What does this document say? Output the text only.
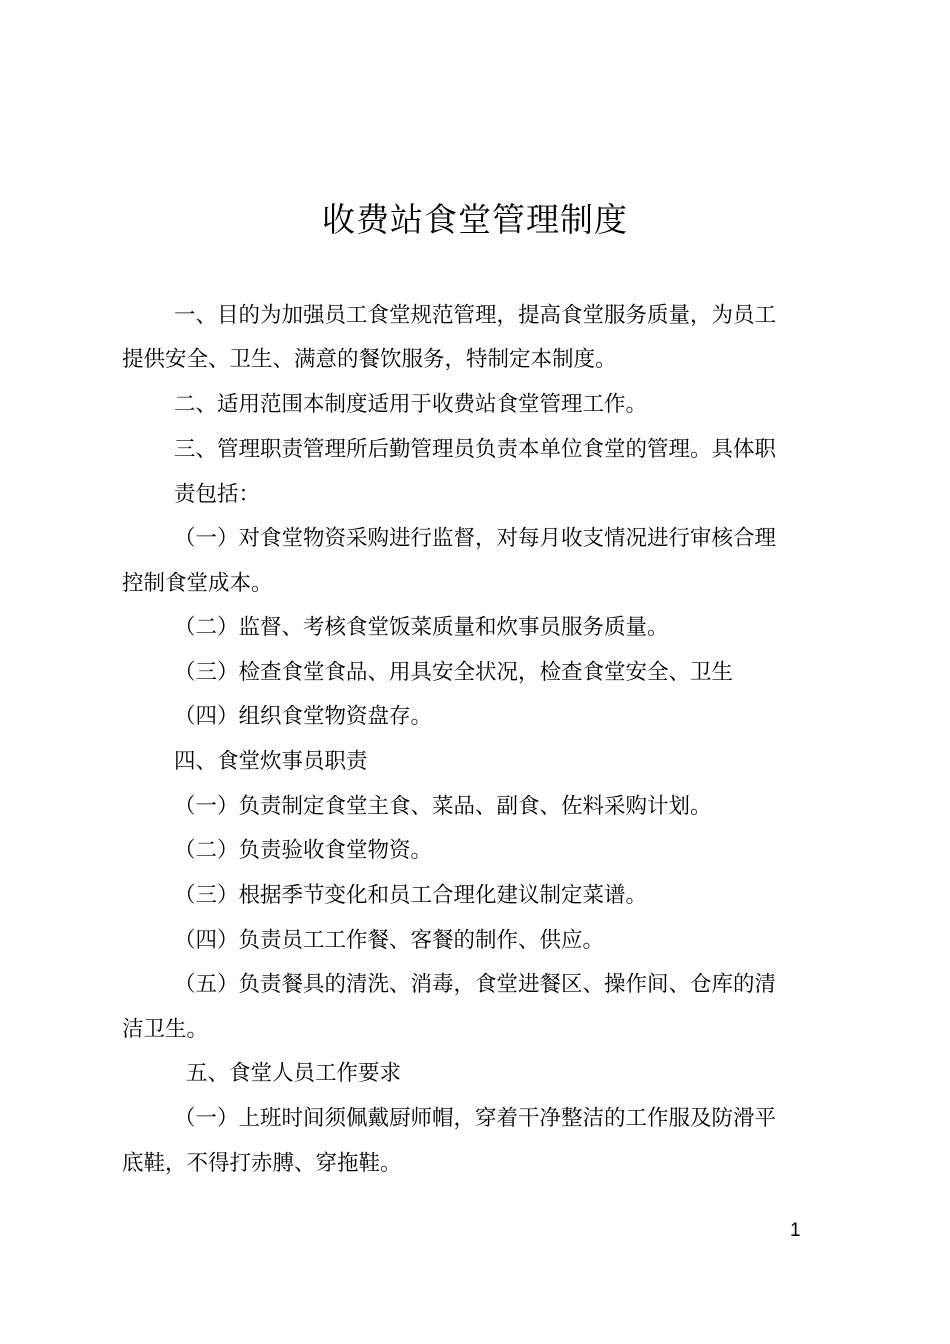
收费站食堂管理制度
一、目的为加强员工食堂规范管理，提高食堂服务质量，为员工
提供安全、卫生、满意的餐饮服务，特制定本制度。
二、适用范围本制度适用于收费站食堂管理工作。
三、管理职责管理所后勤管理员负责本单位食堂的管理。具体职
责包括：
（一）对食堂物资采购进行监督，对每月收支情况进行审核合理
控制食堂成本。
（二）监督、考核食堂饭菜质量和炊事员服务质量。
（三）检查食堂食品、用具安全状况，检查食堂安全、卫生
（四）组织食堂物资盘存。
四、食堂炊事员职责
（一）负责制定食堂主食、菜品、副食、佐料采购计划。
（二）负责验收食堂物资。
（三）根据季节变化和员工合理化建议制定菜谱。
（四）负责员工工作餐、客餐的制作、供应。
（五）负责餐具的清洗、消毒，食堂进餐区、操作间、仓库的清
洁卫生。
五、食堂人员工作要求
（一）上班时间须佩戴厨师帽，穿着干净整洁的工作服及防滑平
底鞋，不得打赤膊、穿拖鞋。
1
